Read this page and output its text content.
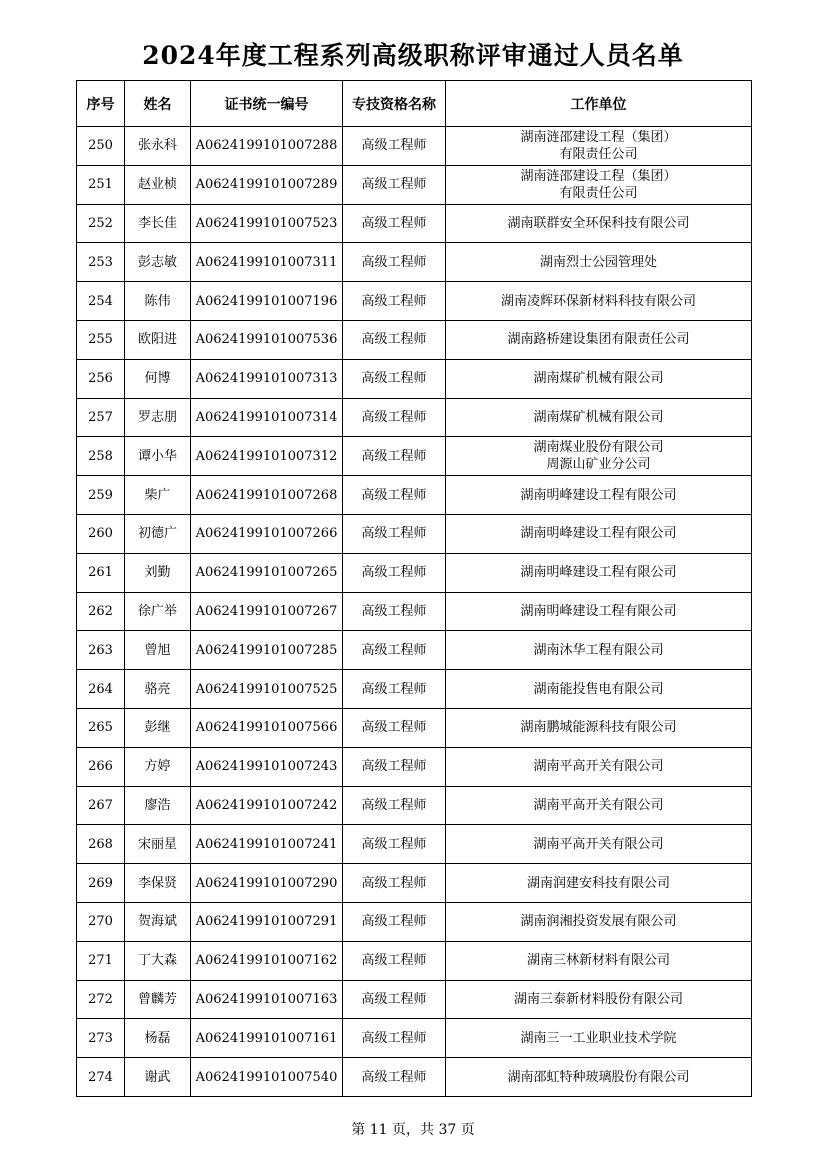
2024年度工程系列高级职称评审通过人员名单
序号	姓名	证书统一编号	专技资格名称	工作单位
250	张永科	A0624199101007288	高级工程师	湖南涟邵建设工程（集团）
有限责任公司

251	赵业桢	A0624199101007289	高级工程师	湖南涟邵建设工程（集团）
有限责任公司

252	李长佳	A0624199101007523	高级工程师	湖南联群安全环保科技有限公司

253	彭志敏	A0624199101007311	高级工程师	湖南烈士公园管理处

254	陈伟	A0624199101007196	高级工程师	湖南凌辉环保新材料科技有限公司

255	欧阳进	A0624199101007536	高级工程师	湖南路桥建设集团有限责任公司

256	何博	A0624199101007313	高级工程师	湖南煤矿机械有限公司

257	罗志朋	A0624199101007314	高级工程师	湖南煤矿机械有限公司

258	谭小华	A0624199101007312	高级工程师	湖南煤业股份有限公司
周源山矿业分公司

259	柴广	A0624199101007268	高级工程师	湖南明峰建设工程有限公司

260	初德广	A0624199101007266	高级工程师	湖南明峰建设工程有限公司

261	刘勤	A0624199101007265	高级工程师	湖南明峰建设工程有限公司

262	徐广举	A0624199101007267	高级工程师	湖南明峰建设工程有限公司

263	曾旭	A0624199101007285	高级工程师	湖南沐华工程有限公司

264	骆亮	A0624199101007525	高级工程师	湖南能投售电有限公司

265	彭继	A0624199101007566	高级工程师	湖南鹏城能源科技有限公司

266	方婷	A0624199101007243	高级工程师	湖南平高开关有限公司

267	廖浩	A0624199101007242	高级工程师	湖南平高开关有限公司

268	宋丽星	A0624199101007241	高级工程师	湖南平高开关有限公司

269	李保贤	A0624199101007290	高级工程师	湖南润建安科技有限公司

270	贺海斌	A0624199101007291	高级工程师	湖南润湘投资发展有限公司

271	丁大森	A0624199101007162	高级工程师	湖南三林新材料有限公司

272	曾麟芳	A0624199101007163	高级工程师	湖南三泰新材料股份有限公司

273	杨磊	A0624199101007161	高级工程师	湖南三一工业职业技术学院

274	谢武	A0624199101007540	高级工程师	湖南邵虹特种玻璃股份有限公司
第 11 页，共 37 页
